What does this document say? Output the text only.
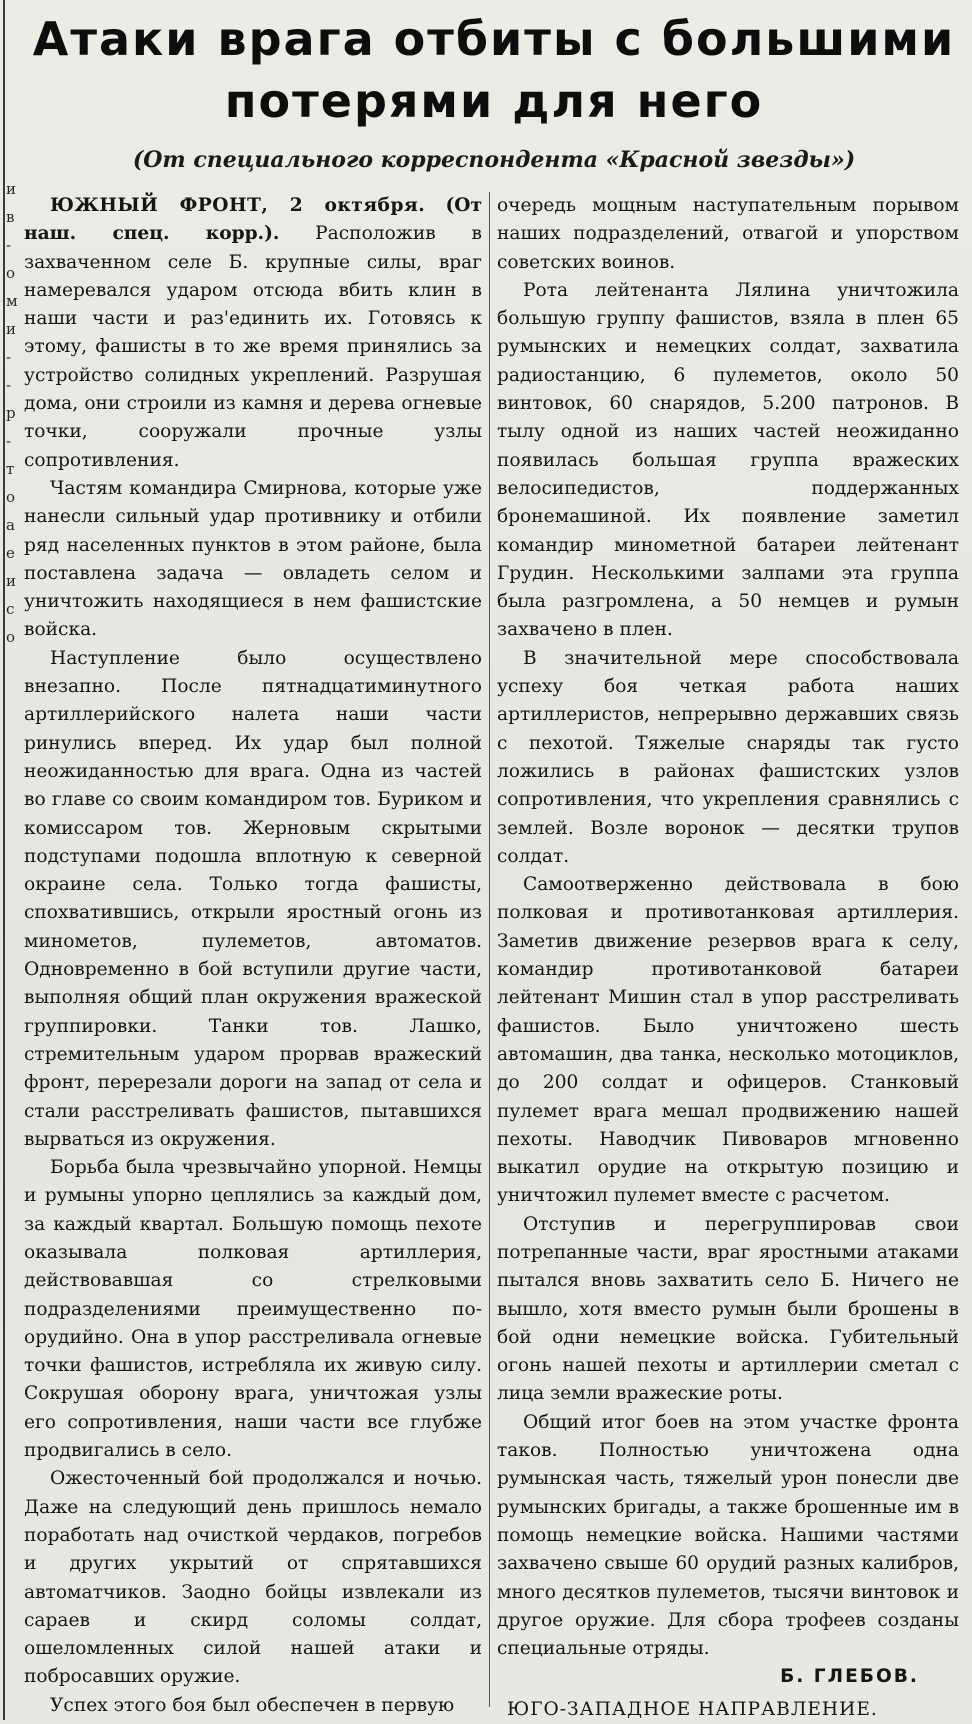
и
в
-
о
м
и
-
-
р
-
т
о
а
е
и
с
о
Атаки врага отбиты с большими
потерями для него
(От специального корреспондента «Красной звезды»)

ЮЖНЫЙ ФРОНТ, 2 октября. (От наш. спец. корр.). Расположив в захваченном селе Б. крупные силы, враг намеревался ударом отсюда вбить клин в наши части и раз'единить их. Готовясь к этому, фашисты в то же время принялись за устройство солидных укреплений. Разрушая дома, они строили из камня и дерева огневые точки, сооружали прочные узлы сопротивления.

Частям командира Смирнова, которые уже нанесли сильный удар противнику и отбили ряд населенных пунктов в этом районе, была поставлена задача — овладеть селом и уничтожить находящиеся в нем фашистские войска.

Наступление было осуществлено внезапно. После пятнадцатиминутного артиллерийского налета наши части ринулись вперед. Их удар был полной неожиданностью для врага. Одна из частей во главе со своим командиром тов. Буриком и комиссаром тов. Жерновым скрытыми подступами подошла вплотную к северной окраине села. Только тогда фашисты, спохватившись, открыли яростный огонь из минометов, пулеметов, автоматов. Одновременно в бой вступили другие части, выполняя общий план окружения вражеской группировки. Танки тов. Лашко, стремительным ударом прорвав вражеский фронт, перерезали дороги на запад от села и стали расстреливать фашистов, пытавшихся вырваться из окружения.

Борьба была чрезвычайно упорной. Немцы и румыны упорно цеплялись за каждый дом, за каждый квартал. Большую помощь пехоте оказывала полковая артиллерия, действовавшая со стрелковыми подразделениями преимущественно по-орудийно. Она в упор расстреливала огневые точки фашистов, истребляла их живую силу. Сокрушая оборону врага, уничтожая узлы его сопротивления, наши части все глубже продвигались в село.

Ожесточенный бой продолжался и ночью. Даже на следующий день пришлось немало поработать над очисткой чердаков, погребов и других укрытий от спрятавшихся автоматчиков. Заодно бойцы извлекали из сараев и скирд соломы солдат, ошеломленных силой нашей атаки и побросавших оружие.

Успех этого боя был обеспечен в первую

очередь мощным наступательным порывом наших подразделений, отвагой и упорством советских воинов.

Рота лейтенанта Лялина уничтожила большую группу фашистов, взяла в плен 65 румынских и немецких солдат, захватила радиостанцию, 6 пулеметов, около 50 винтовок, 60 снарядов, 5.200 патронов. В тылу одной из наших частей неожиданно появилась большая группа вражеских велосипедистов, поддержанных бронемашиной. Их появление заметил командир минометной батареи лейтенант Грудин. Несколькими залпами эта группа была разгромлена, а 50 немцев и румын захвачено в плен.

В значительной мере способствовала успеху боя четкая работа наших артиллеристов, непрерывно державших связь с пехотой. Тяжелые снаряды так густо ложились в районах фашистских узлов сопротивления, что укрепления сравнялись с землей. Возле воронок — десятки трупов солдат.

Самоотверженно действовала в бою полковая и противотанковая артиллерия. Заметив движение резервов врага к селу, командир противотанковой батареи лейтенант Мишин стал в упор расстреливать фашистов. Было уничтожено шесть автомашин, два танка, несколько мотоциклов, до 200 солдат и офицеров. Станковый пулемет врага мешал продвижению нашей пехоты. Наводчик Пивоваров мгновенно выкатил орудие на открытую позицию и уничтожил пулемет вместе с расчетом.

Отступив и перегруппировав свои потрепанные части, враг яростными атаками пытался вновь захватить село Б. Ничего не вышло, хотя вместо румын были брошены в бой одни немецкие войска. Губительный огонь нашей пехоты и артиллерии сметал с лица земли вражеские роты.

Общий итог боев на этом участке фронта таков. Полностью уничтожена одна румынская часть, тяжелый урон понесли две румынских бригады, а также брошенные им в помощь немецкие войска. Нашими частями захвачено свыше 60 орудий разных калибров, много десятков пулеметов, тысячи винтовок и другое оружие. Для сбора трофеев созданы специальные отряды.

Б. ГЛЕБОВ.

ЮГО-ЗАПАДНОЕ НАПРАВЛЕНИЕ.
